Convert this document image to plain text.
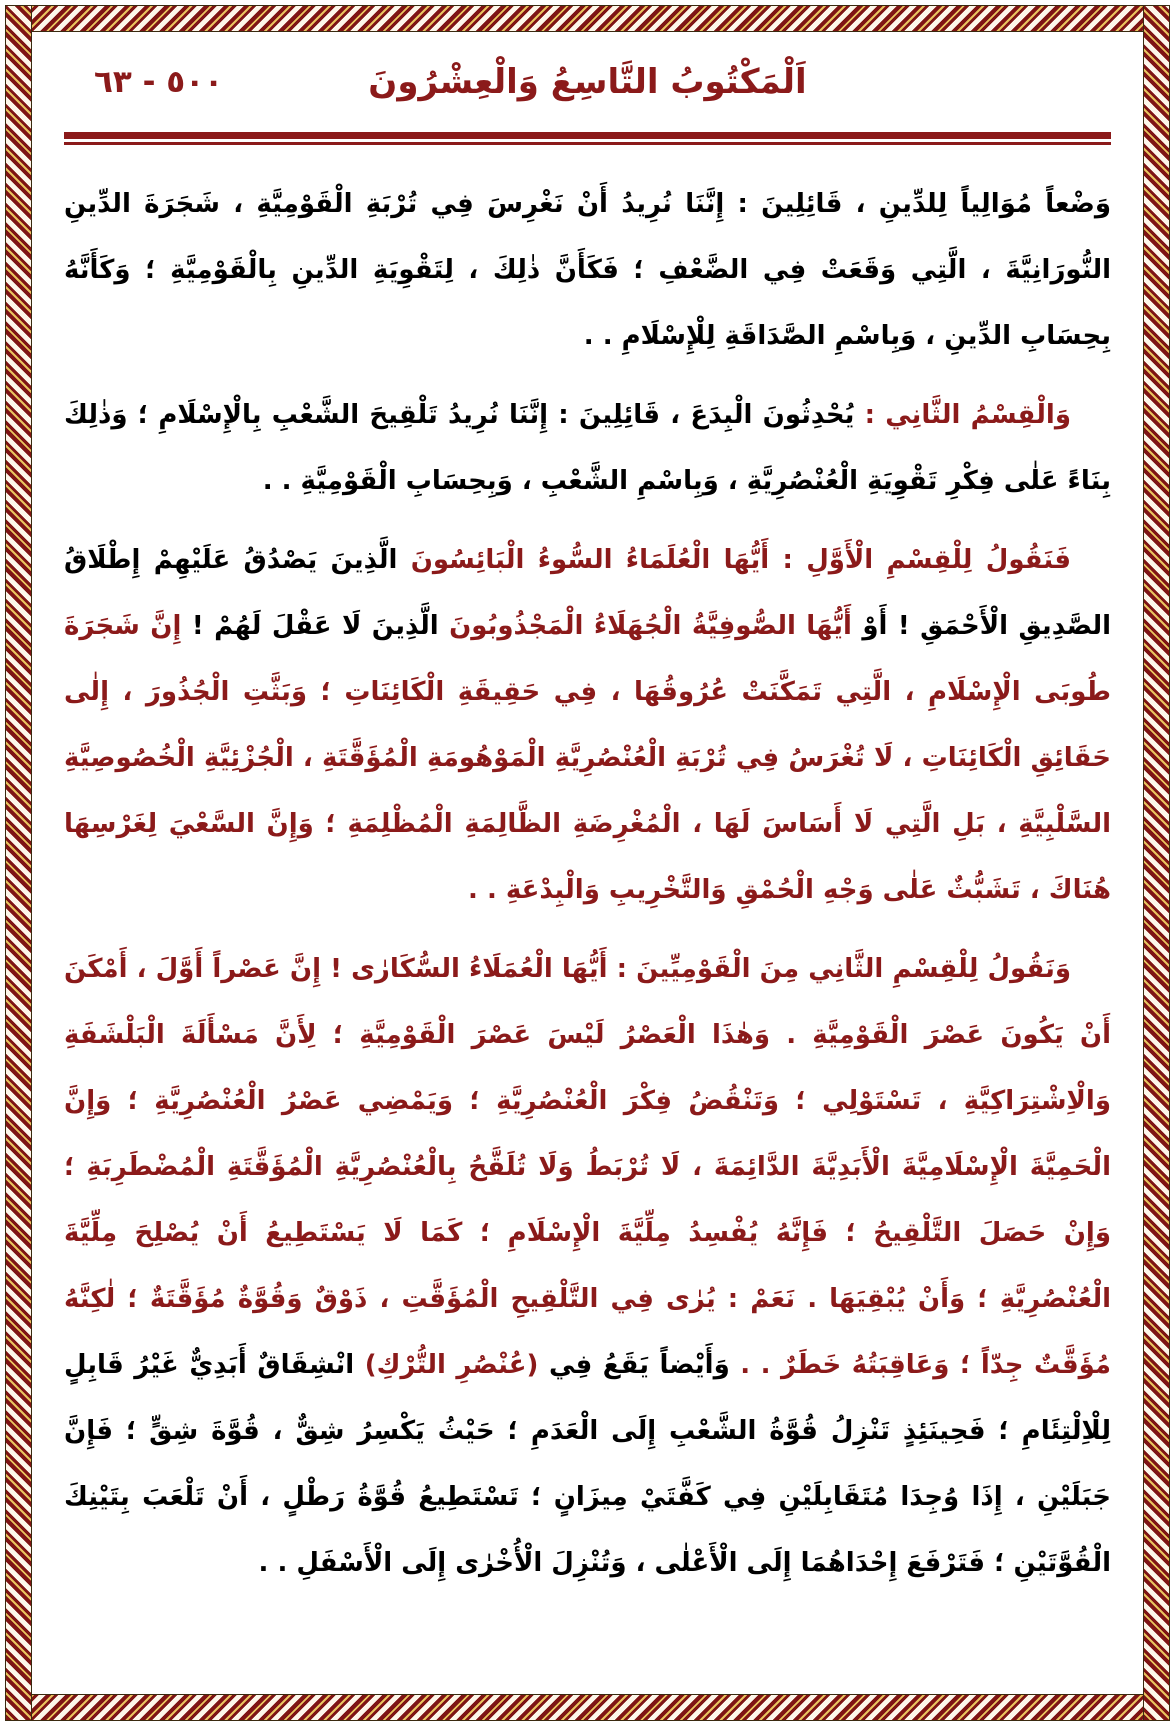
اَلْمَكْتُوبُ التَّاسِعُ وَالْعِشْرُونَ
٥٠٠ - ٦٣

وَضْعاً مُوَالِياً لِلدِّينِ ، قَائِلِينَ : إِنَّنَا نُرِيدُ أَنْ نَغْرِسَ فِي تُرْبَةِ الْقَوْمِيَّةِ ، شَجَرَةَ الدِّينِ النُّورَانِيَّةَ ، الَّتِي وَقَعَتْ فِي الضَّعْفِ ؛ فَكَأَنَّ ذٰلِكَ ، لِتَقْوِيَةِ الدِّينِ بِالْقَوْمِيَّةِ ؛ وَكَأَنَّهُ بِحِسَابِ الدِّينِ ، وَبِاسْمِ الصَّدَاقَةِ لِلْإِسْلَامِ . .

وَالْقِسْمُ الثَّانِي : يُحْدِثُونَ الْبِدَعَ ، قَائِلِينَ : إِنَّنَا نُرِيدُ تَلْقِيحَ الشَّعْبِ بِالْإِسْلَامِ ؛ وَذٰلِكَ بِنَاءً عَلٰى فِكْرِ تَقْوِيَةِ الْعُنْصُرِيَّةِ ، وَبِاسْمِ الشَّعْبِ ، وَبِحِسَابِ الْقَوْمِيَّةِ . .

فَنَقُولُ لِلْقِسْمِ الْأَوَّلِ : أَيُّهَا الْعُلَمَاءُ السُّوءُ الْبَائِسُونَ الَّذِينَ يَصْدُقُ عَلَيْهِمْ إِطْلَاقُ الصَّدِيقِ الْأَحْمَقِ ! أَوْ أَيُّهَا الصُّوفِيَّةُ الْجُهَلَاءُ الْمَجْذُوبُونَ الَّذِينَ لَا عَقْلَ لَهُمْ ! إِنَّ شَجَرَةَ طُوبَى الْإِسْلَامِ ، الَّتِي تَمَكَّنَتْ عُرُوقُهَا ، فِي حَقِيقَةِ الْكَائِنَاتِ ؛ وَبَثَّتِ الْجُذُورَ ، إِلٰى حَقَائِقِ الْكَائِنَاتِ ، لَا تُغْرَسُ فِي تُرْبَةِ الْعُنْصُرِيَّةِ الْمَوْهُومَةِ الْمُؤَقَّتَةِ ، الْجُزْئِيَّةِ الْخُصُوصِيَّةِ السَّلْبِيَّةِ ، بَلِ الَّتِي لَا أَسَاسَ لَهَا ، الْمُغْرِضَةِ الظَّالِمَةِ الْمُظْلِمَةِ ؛ وَإِنَّ السَّعْيَ لِغَرْسِهَا هُنَاكَ ، تَشَبُّثٌ عَلٰى وَجْهِ الْحُمْقِ وَالتَّخْرِيبِ وَالْبِدْعَةِ . .

وَنَقُولُ لِلْقِسْمِ الثَّانِي مِنَ الْقَوْمِيِّينَ : أَيُّهَا الْعُمَلَاءُ السُّكَارٰى ! إِنَّ عَصْراً أَوَّلَ ، أَمْكَنَ أَنْ يَكُونَ عَصْرَ الْقَوْمِيَّةِ . وَهٰذَا الْعَصْرُ لَيْسَ عَصْرَ الْقَوْمِيَّةِ ؛ لِأَنَّ مَسْأَلَةَ الْبَلْشَفَةِ وَالْاِشْتِرَاكِيَّةِ ، تَسْتَوْلِي ؛ وَتَنْقُضُ فِكْرَ الْعُنْصُرِيَّةِ ؛ وَيَمْضِي عَصْرُ الْعُنْصُرِيَّةِ ؛ وَإِنَّ الْحَمِيَّةَ الْإِسْلَامِيَّةَ الْأَبَدِيَّةَ الدَّائِمَةَ ، لَا تُرْبَطُ وَلَا تُلَقَّحُ بِالْعُنْصُرِيَّةِ الْمُؤَقَّتَةِ الْمُضْطَرِبَةِ ؛ وَإِنْ حَصَلَ التَّلْقِيحُ ؛ فَإِنَّهُ يُفْسِدُ مِلِّيَّةَ الْإِسْلَامِ ؛ كَمَا لَا يَسْتَطِيعُ أَنْ يُصْلِحَ مِلِّيَّةَ الْعُنْصُرِيَّةِ ؛ وَأَنْ يُبْقِيَهَا . نَعَمْ : يُرٰى فِي التَّلْقِيحِ الْمُؤَقَّتِ ، ذَوْقٌ وَقُوَّةٌ مُؤَقَّتَةٌ ؛ لٰكِنَّهُ مُؤَقَّتٌ جِدّاً ؛ وَعَاقِبَتُهُ خَطَرٌ . . وَأَيْضاً يَقَعُ فِي (عُنْصُرِ التُّرْكِ) انْشِقَاقٌ أَبَدِيٌّ غَيْرُ قَابِلٍ لِلْاِلْتِئَامِ ؛ فَحِينَئِذٍ تَنْزِلُ قُوَّةُ الشَّعْبِ إِلَى الْعَدَمِ ؛ حَيْثُ يَكْسِرُ شِقٌّ ، قُوَّةَ شِقٍّ ؛ فَإِنَّ جَبَلَيْنِ ، إِذَا وُجِدَا مُتَقَابِلَيْنِ فِي كَفَّتَيْ مِيزَانٍ ؛ تَسْتَطِيعُ قُوَّةُ رَطْلٍ ، أَنْ تَلْعَبَ بِتَيْنِكَ الْقُوَّتَيْنِ ؛ فَتَرْفَعَ إِحْدَاهُمَا إِلَى الْأَعْلٰى ، وَتُنْزِلَ الْأُخْرٰى إِلَى الْأَسْفَلِ . .
